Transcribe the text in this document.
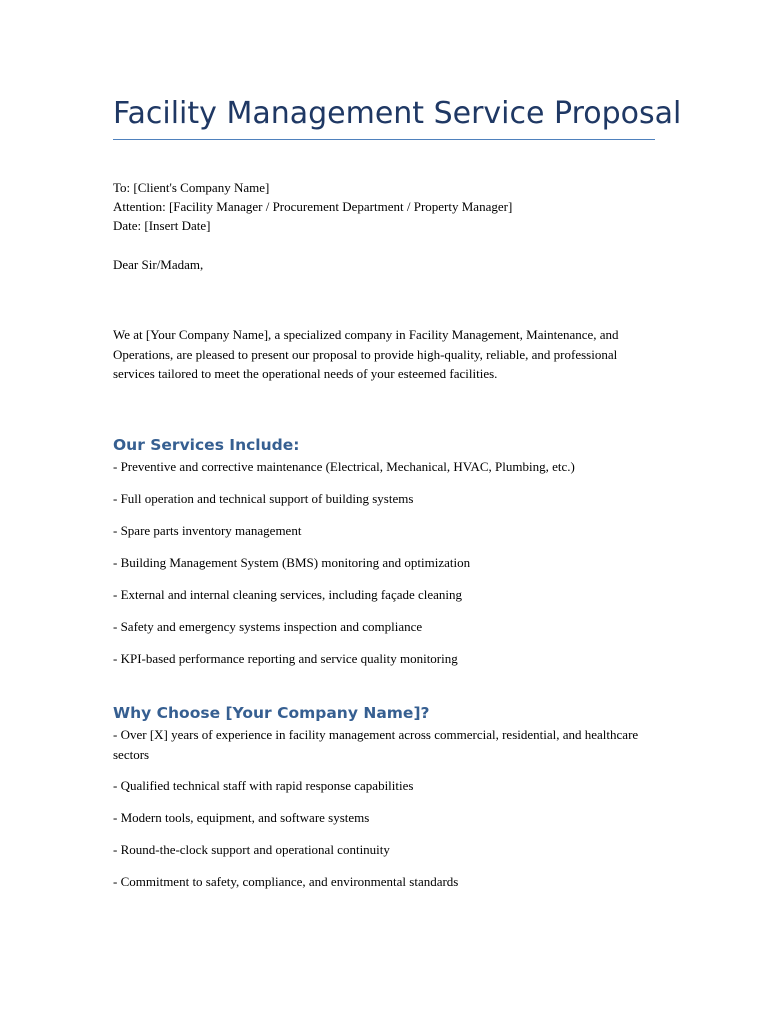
Facility Management Service Proposal

To: [Client's Company Name]

Attention: [Facility Manager / Procurement Department / Property Manager]

Date: [Insert Date]

Dear Sir/Madam,

We at [Your Company Name], a specialized company in Facility Management, Maintenance, and Operations, are pleased to present our proposal to provide high-quality, reliable, and professional services tailored to meet the operational needs of your esteemed facilities.

Our Services Include:
- Preventive and corrective maintenance (Electrical, Mechanical, HVAC, Plumbing, etc.)
- Full operation and technical support of building systems
- Spare parts inventory management
- Building Management System (BMS) monitoring and optimization
- External and internal cleaning services, including façade cleaning
- Safety and emergency systems inspection and compliance
- KPI-based performance reporting and service quality monitoring
Why Choose [Your Company Name]?
- Over [X] years of experience in facility management across commercial, residential, and healthcare sectors
- Qualified technical staff with rapid response capabilities
- Modern tools, equipment, and software systems
- Round-the-clock support and operational continuity
- Commitment to safety, compliance, and environmental standards
